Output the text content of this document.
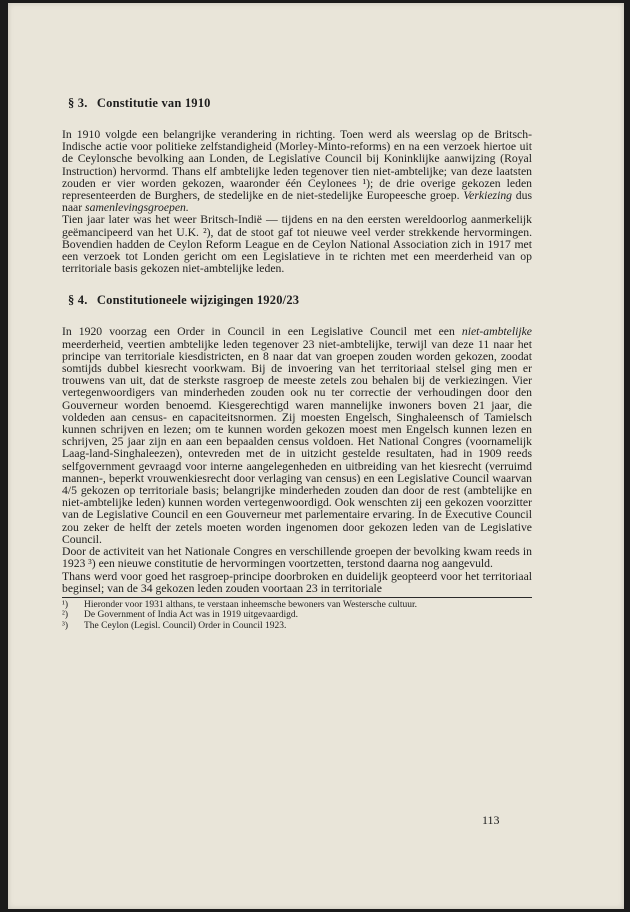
§ 3. Constitutie van 1910

In 1910 volgde een belangrijke verandering in richting. Toen werd als weerslag op de Britsch-Indische actie voor politieke zelfstandigheid (Morley-Minto-reforms) en na een verzoek hiertoe uit de Ceylonsche bevolking aan Londen, de Legislative Council bij Koninklijke aanwijzing (Royal Instruction) hervormd. Thans elf ambtelijke leden tegenover tien niet-ambtelijke; van deze laatsten zouden er vier worden gekozen, waaronder één Ceylonees ¹); de drie overige gekozen leden representeerden de Burghers, de stedelijke en de niet-stedelijke Europeesche groep. Verkiezing dus naar samenlevingsgroepen.

Tien jaar later was het weer Britsch-Indië — tijdens en na den eersten wereldoorlog aanmerkelijk geëmancipeerd van het U.K. ²), dat de stoot gaf tot nieuwe veel verder strekkende hervormingen. Bovendien hadden de Ceylon Reform League en de Ceylon National Association zich in 1917 met een verzoek tot Londen gericht om een Legislatieve in te richten met een meerderheid van op territoriale basis gekozen niet-ambtelijke leden.

§ 4. Constitutioneele wijzigingen 1920/23

In 1920 voorzag een Order in Council in een Legislative Council met een niet-ambtelijke meerderheid, veertien ambtelijke leden tegenover 23 niet-ambtelijke, terwijl van deze 11 naar het principe van territoriale kiesdistricten, en 8 naar dat van groepen zouden worden gekozen, zoodat somtijds dubbel kiesrecht voorkwam. Bij de invoering van het territoriaal stelsel ging men er trouwens van uit, dat de sterkste rasgroep de meeste zetels zou behalen bij de verkiezingen. Vier vertegenwoordigers van minderheden zouden ook nu ter correctie der verhoudingen door den Gouverneur worden benoemd. Kiesgerechtigd waren mannelijke inwoners boven 21 jaar, die voldeden aan census- en capaciteitsnormen. Zij moesten Engelsch, Singhaleensch of Tamielsch kunnen schrijven en lezen; om te kunnen worden gekozen moest men Engelsch kunnen lezen en schrijven, 25 jaar zijn en aan een bepaalden census voldoen. Het National Congres (voornamelijk Laag-land-Singhaleezen), ontevreden met de in uitzicht gestelde resultaten, had in 1909 reeds selfgovernment gevraagd voor interne aangelegenheden en uitbreiding van het kiesrecht (verruimd mannen-, beperkt vrouwenkiesrecht door verlaging van census) en een Legislative Council waarvan 4/5 gekozen op territoriale basis; belangrijke minderheden zouden dan door de rest (ambtelijke en niet-ambtelijke leden) kunnen worden vertegenwoordigd. Ook wenschten zij een gekozen voorzitter van de Legislative Council en een Gouverneur met parlementaire ervaring. In de Executive Council zou zeker de helft der zetels moeten worden ingenomen door gekozen leden van de Legislative Council.

Door de activiteit van het Nationale Congres en verschillende groepen der bevolking kwam reeds in 1923 ³) een nieuwe constitutie de hervormingen voortzetten, terstond daarna nog aangevuld.

Thans werd voor goed het rasgroep-principe doorbroken en duidelijk geopteerd voor het territoriaal beginsel; van de 34 gekozen leden zouden voortaan 23 in territoriale

¹)	Hieronder voor 1931 althans, te verstaan inheemsche bewoners van Westersche cultuur.

²)	De Government of India Act was in 1919 uitgevaardigd.

³)	The Ceylon (Legisl. Council) Order in Council 1923.

113
